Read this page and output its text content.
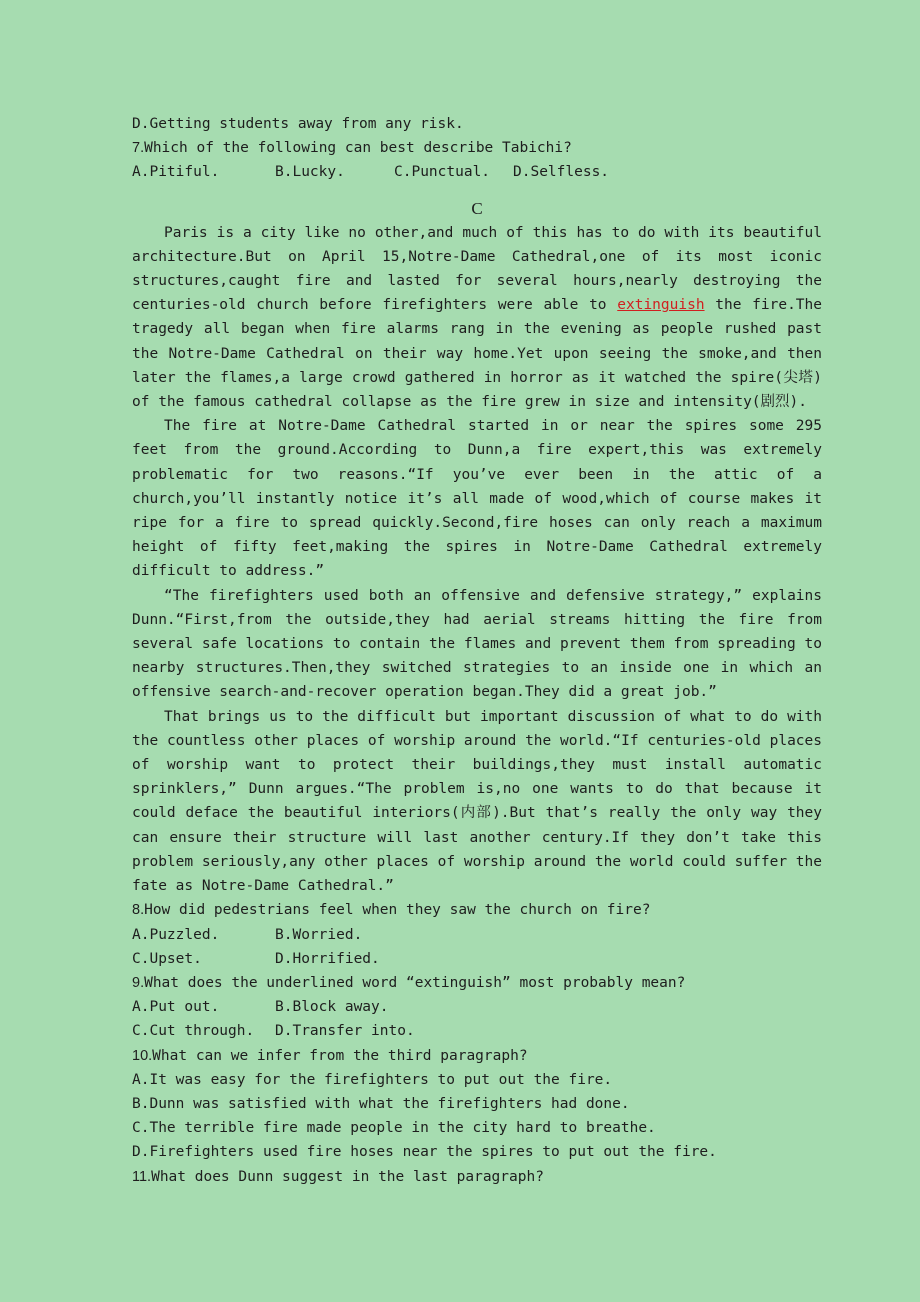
D.Getting students away from any risk.
7.Which of the following can best describe Tabichi?
A.Pitiful.	B.Lucky.	C.Punctual.	D.Selfless.
C
Paris is a city like no other,and much of this has to do with its beautiful architecture.But on April 15,Notre-Dame Cathedral,one of its most iconic structures,caught fire and lasted for several hours,nearly destroying the centuries-old church before firefighters were able to extinguish the fire.The tragedy all began when fire alarms rang in the evening as people rushed past the Notre-Dame Cathedral on their way home.Yet upon seeing the smoke,and then later the flames,a large crowd gathered in horror as it watched the spire(尖塔) of the famous cathedral collapse as the fire grew in size and intensity(剧烈).
The fire at Notre-Dame Cathedral started in or near the spires some 295 feet from the ground.According to Dunn,a fire expert,this was extremely problematic for two reasons.“If you’ve ever been in the attic of a church,you’ll instantly notice it’s all made of wood,which of course makes it ripe for a fire to spread quickly.Second,fire hoses can only reach a maximum height of fifty feet,making the spires in Notre-Dame Cathedral extremely difficult to address.”
“The firefighters used both an offensive and defensive strategy,” explains Dunn.“First,from the outside,they had aerial streams hitting the fire from several safe locations to contain the flames and prevent them from spreading to nearby structures.Then,they switched strategies to an inside one in which an offensive search-and-recover operation began.They did a great job.”
That brings us to the difficult but important discussion of what to do with the countless other places of worship around the world.“If centuries-old places of worship want to protect their buildings,they must install automatic sprinklers,” Dunn argues.“The problem is,no one wants to do that because it could deface the beautiful interiors(内部).But that’s really the only way they can ensure their structure will last another century.If they don’t take this problem seriously,any other places of worship around the world could suffer the fate as Notre-Dame Cathedral.”
8.How did pedestrians feel when they saw the church on fire?
A.Puzzled.	B.Worried.
C.Upset.	D.Horrified.
9.What does the underlined word “extinguish” most probably mean?
A.Put out.	B.Block away.
C.Cut through.	D.Transfer into.
10.What can we infer from the third paragraph?
A.It was easy for the firefighters to put out the fire.
B.Dunn was satisfied with what the firefighters had done.
C.The terrible fire made people in the city hard to breathe.
D.Firefighters used fire hoses near the spires to put out the fire.
11.What does Dunn suggest in the last paragraph?
